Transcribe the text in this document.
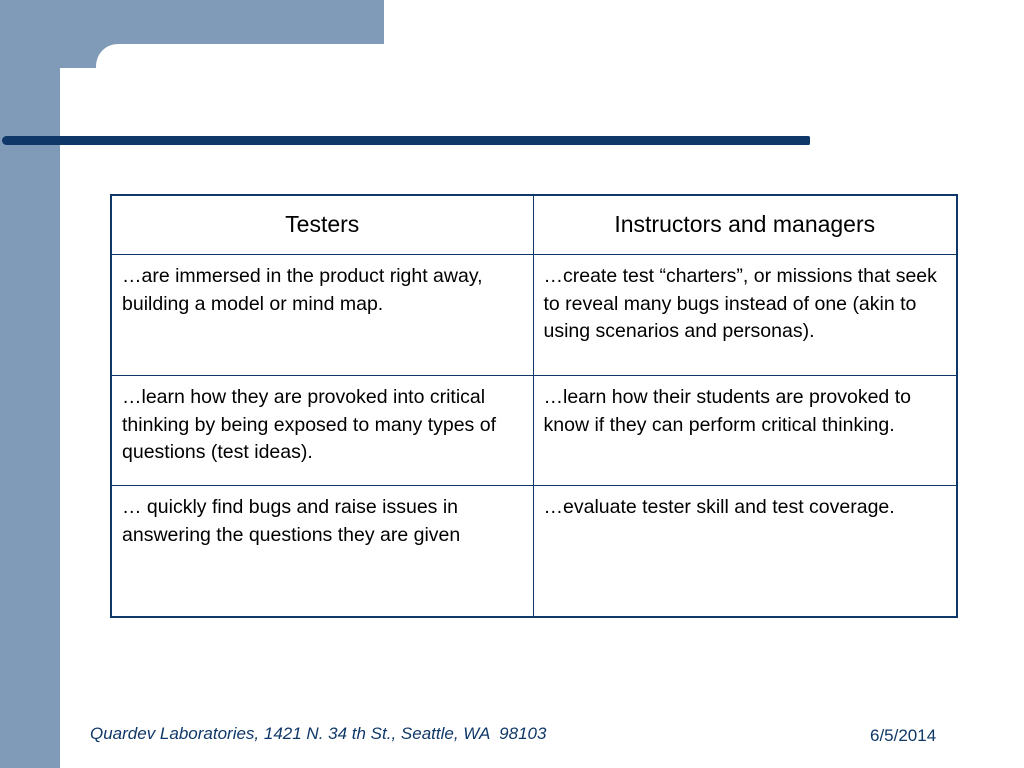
Testers	Instructors and managers
…are immersed in the product right away, building a model or mind map.	…create test “charters”, or missions that seek to reveal many bugs instead of one (akin to using scenarios and personas).
…learn how they are provoked into critical thinking by being exposed to many types of questions (test ideas).	…learn how their students are provoked to know if they can perform critical thinking.
… quickly find bugs and raise issues in answering the questions they are given	…evaluate tester skill and test coverage.
Quardev Laboratories, 1421 N. 34 th St., Seattle, WA  98103	6/5/2014
